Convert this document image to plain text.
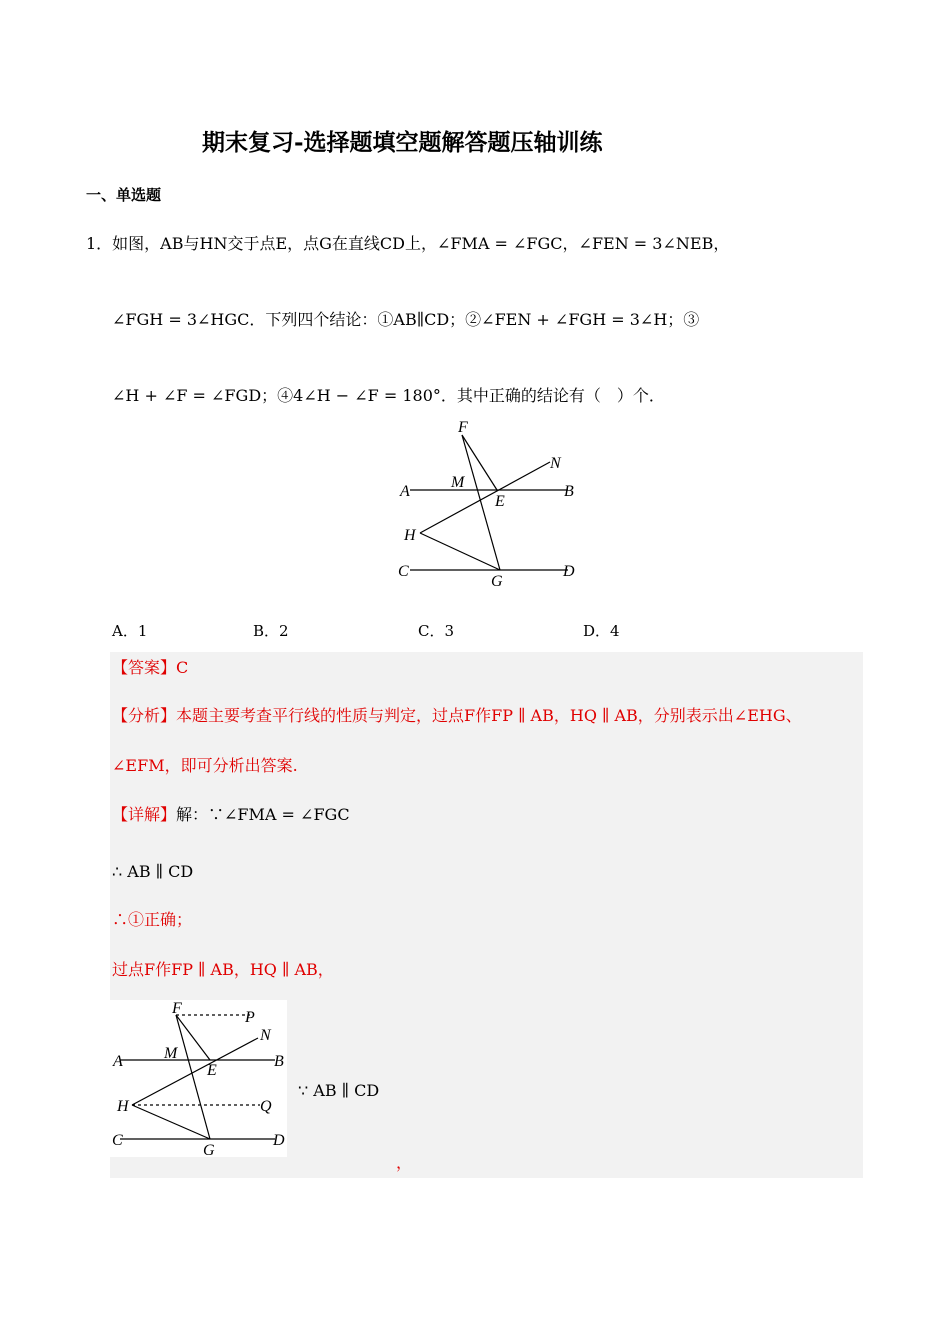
期末复习-选择题填空题解答题压轴训练
一、单选题
1．如图，AB与HN交于点E，点G在直线CD上，∠FMA = ∠FGC，∠FEN = 3∠NEB，
∠FGH = 3∠HGC．下列四个结论：①AB∥CD；②∠FEN + ∠FGH = 3∠H；③
∠H + ∠F = ∠FGD；④4∠H − ∠F = 180°．其中正确的结论有（　）个．
F
M
N
A
E
B
H
C
G
D
A．1	B．2	C．3	D．4
【答案】C
【分析】本题主要考查平行线的性质与判定，过点F作FP ∥ AB，HQ ∥ AB，分别表示出∠EHG、
∠EFM，即可分析出答案.
【详解】解：∵∠FMA = ∠FGC
∴ AB ∥ CD
∴①正确；
过点F作FP ∥ AB，HQ ∥ AB，
F
P
N
M
A
E
B
H	Q
C
G
D
∵ AB ∥ CD
，
